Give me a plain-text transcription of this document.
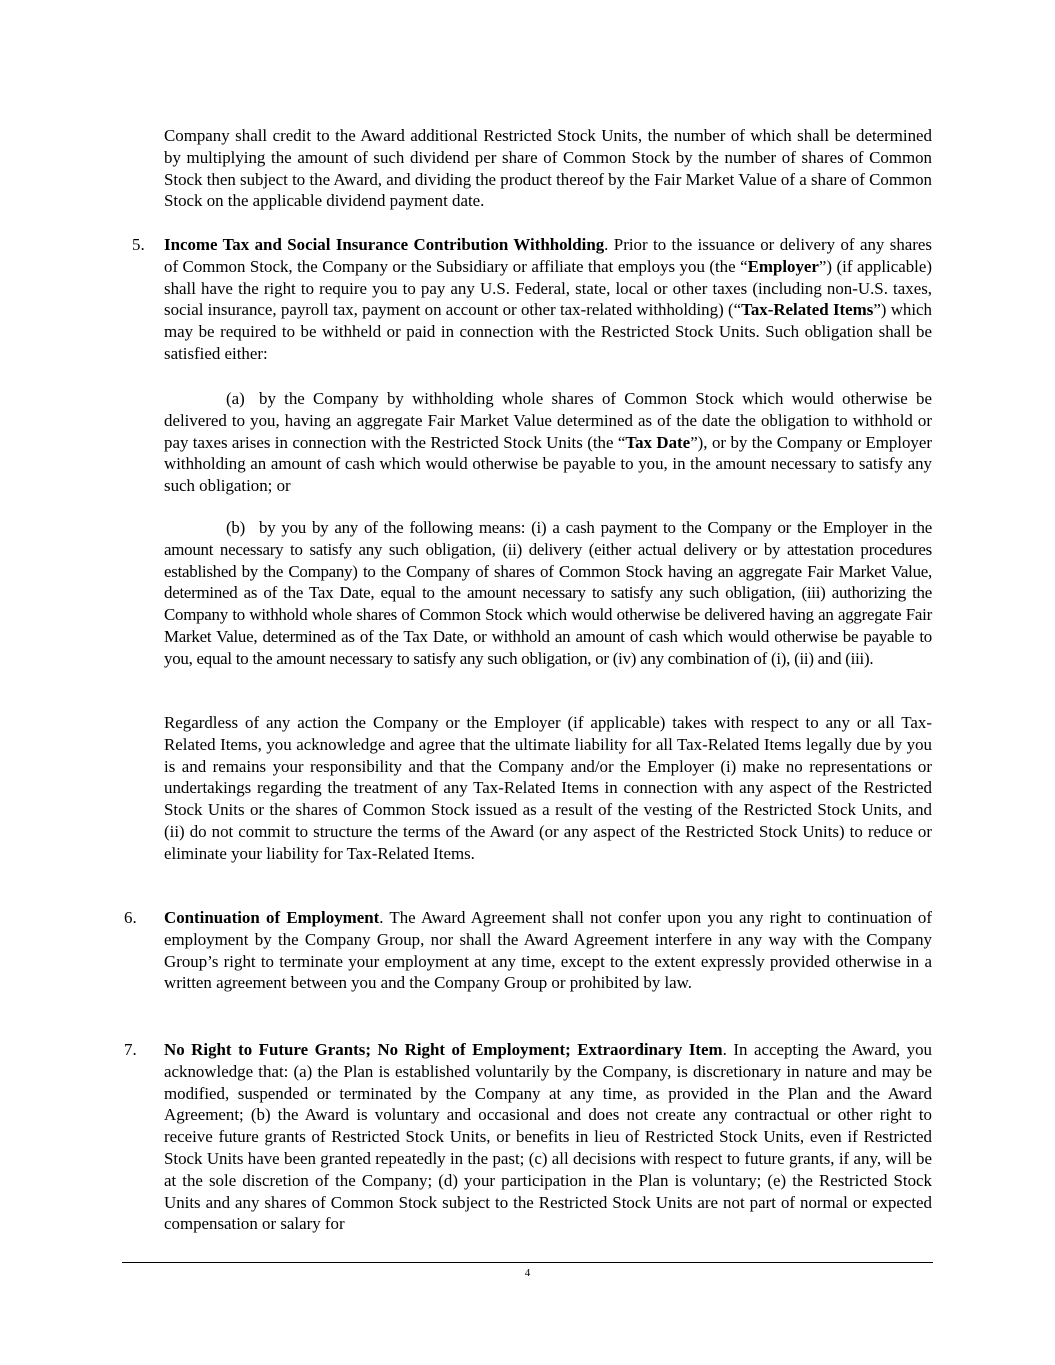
Company shall credit to the Award additional Restricted Stock Units, the number of which shall be determined by multiplying the amount of such dividend per share of Common Stock by the number of shares of Common Stock then subject to the Award, and dividing the product thereof by the Fair Market Value of a share of Common Stock on the applicable dividend payment date.

5. Income Tax and Social Insurance Contribution Withholding. Prior to the issuance or delivery of any shares of Common Stock, the Company or the Subsidiary or affiliate that employs you (the “Employer”) (if applicable) shall have the right to require you to pay any U.S. Federal, state, local or other taxes (including non-U.S. taxes, social insurance, payroll tax, payment on account or other tax-related withholding) (“Tax-Related Items”) which may be required to be withheld or paid in connection with the Restricted Stock Units. Such obligation shall be satisfied either:

(a) by the Company by withholding whole shares of Common Stock which would otherwise be delivered to you, having an aggregate Fair Market Value determined as of the date the obligation to withhold or pay taxes arises in connection with the Restricted Stock Units (the “Tax Date”), or by the Company or Employer withholding an amount of cash which would otherwise be payable to you, in the amount necessary to satisfy any such obligation; or

(b) by you by any of the following means: (i) a cash payment to the Company or the Employer in the amount necessary to satisfy any such obligation, (ii) delivery (either actual delivery or by attestation procedures established by the Company) to the Company of shares of Common Stock having an aggregate Fair Market Value, determined as of the Tax Date, equal to the amount necessary to satisfy any such obligation, (iii) authorizing the Company to withhold whole shares of Common Stock which would otherwise be delivered having an aggregate Fair Market Value, determined as of the Tax Date, or withhold an amount of cash which would otherwise be payable to you, equal to the amount necessary to satisfy any such obligation, or (iv) any combination of (i), (ii) and (iii).

Regardless of any action the Company or the Employer (if applicable) takes with respect to any or all Tax-Related Items, you acknowledge and agree that the ultimate liability for all Tax-Related Items legally due by you is and remains your responsibility and that the Company and/or the Employer (i) make no representations or undertakings regarding the treatment of any Tax-Related Items in connection with any aspect of the Restricted Stock Units or the shares of Common Stock issued as a result of the vesting of the Restricted Stock Units, and (ii) do not commit to structure the terms of the Award (or any aspect of the Restricted Stock Units) to reduce or eliminate your liability for Tax-Related Items.

6. Continuation of Employment. The Award Agreement shall not confer upon you any right to continuation of employment by the Company Group, nor shall the Award Agreement interfere in any way with the Company Group’s right to terminate your employment at any time, except to the extent expressly provided otherwise in a written agreement between you and the Company Group or prohibited by law.

7. No Right to Future Grants; No Right of Employment; Extraordinary Item. In accepting the Award, you acknowledge that: (a) the Plan is established voluntarily by the Company, is discretionary in nature and may be modified, suspended or terminated by the Company at any time, as provided in the Plan and the Award Agreement; (b) the Award is voluntary and occasional and does not create any contractual or other right to receive future grants of Restricted Stock Units, or benefits in lieu of Restricted Stock Units, even if Restricted Stock Units have been granted repeatedly in the past; (c) all decisions with respect to future grants, if any, will be at the sole discretion of the Company; (d) your participation in the Plan is voluntary; (e) the Restricted Stock Units and any shares of Common Stock subject to the Restricted Stock Units are not part of normal or expected compensation or salary for

4
